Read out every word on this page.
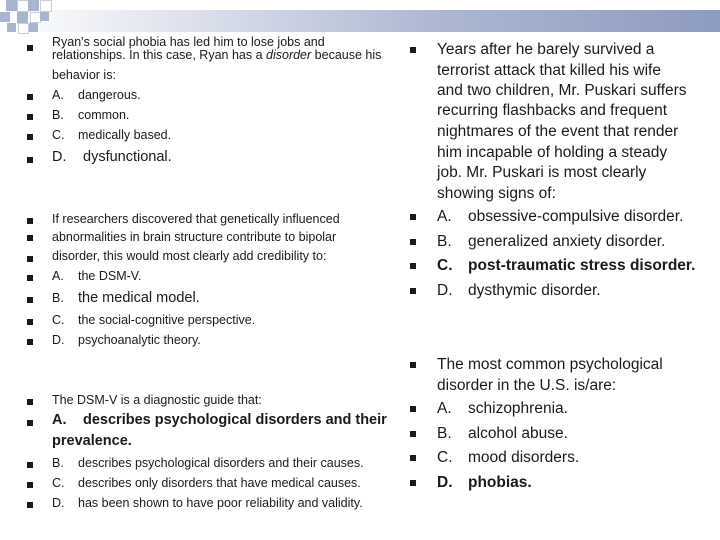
Ryan's social phobia has led him to lose jobs and
relationships. In this case, Ryan has a disorder because his
behavior is:
A. dangerous.
B. common.
C. medically based.
D. dysfunctional.
If researchers discovered that genetically influenced
abnormalities in brain structure contribute to bipolar
disorder, this would most clearly add credibility to:
A. the DSM-V.
B. the medical model.
C. the social-cognitive perspective.
D. psychoanalytic theory.
The DSM-V is a diagnostic guide that:
A. describes psychological disorders and their
prevalence.
B. describes psychological disorders and their causes.
C. describes only disorders that have medical causes.
D. has been shown to have poor reliability and validity.
Years after he barely survived a
terrorist attack that killed his wife
and two children, Mr. Puskari suffers
recurring flashbacks and frequent
nightmares of the event that render
him incapable of holding a steady
job. Mr. Puskari is most clearly
showing signs of:
A. obsessive-compulsive disorder.
B. generalized anxiety disorder.
C. post-traumatic stress disorder.
D. dysthymic disorder.
The most common psychological
disorder in the U.S. is/are:
A. schizophrenia.
B. alcohol abuse.
C. mood disorders.
D. phobias.
